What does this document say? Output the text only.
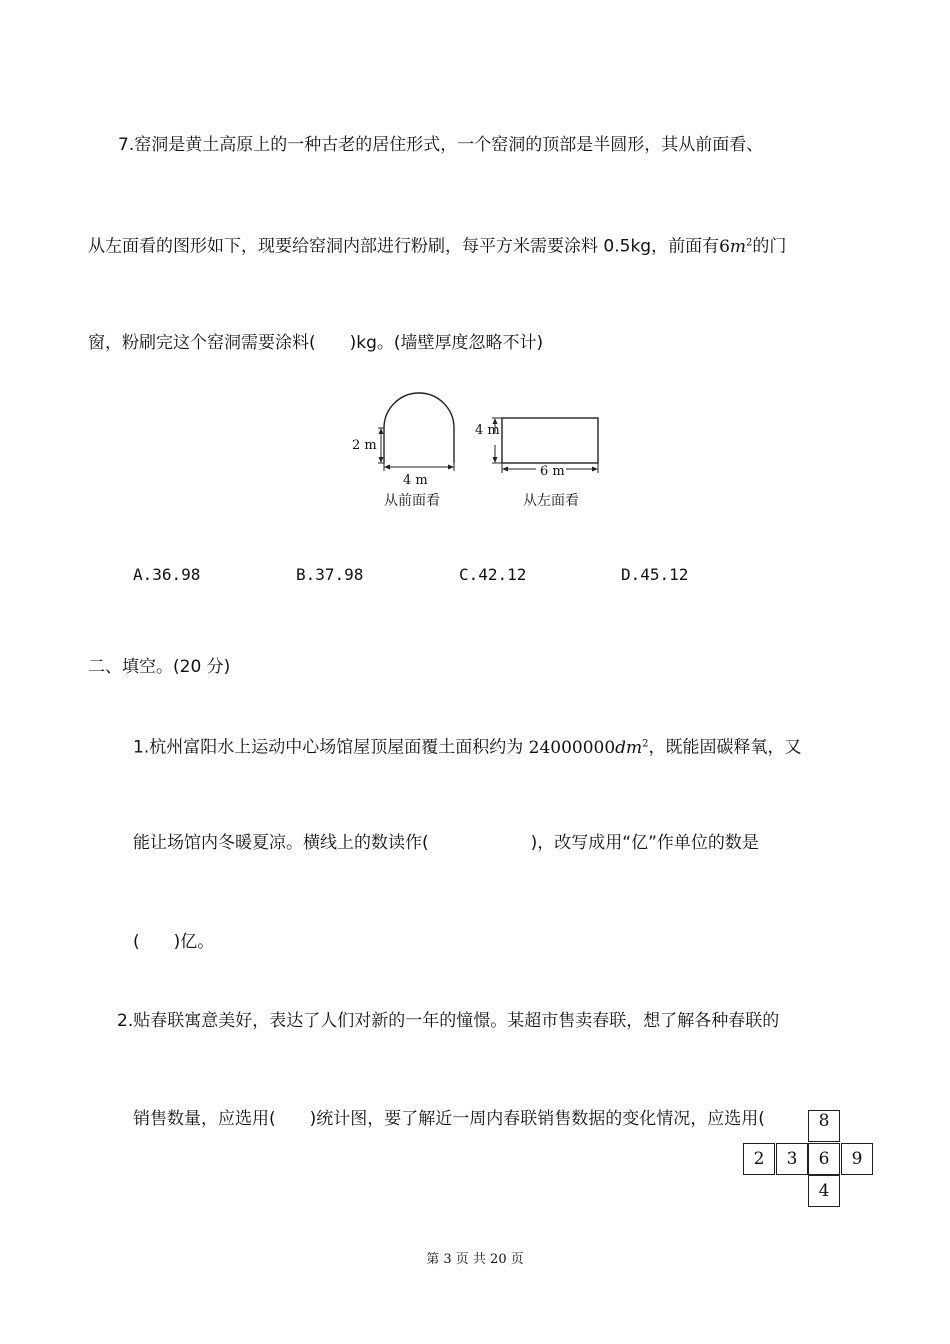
7.窑洞是黄土高原上的一种古老的居住形式，一个窑洞的顶部是半圆形，其从前面看、
从左面看的图形如下，现要给窑洞内部进行粉刷，每平方米需要涂料 0.5kg，前面有$6m^2$的门
窗，粉刷完这个窑洞需要涂料(　　)kg。(墙壁厚度忽略不计)
2 m
4 m
从前面看
4 m
6 m
从左面看
A.36.98	B.37.98	C.42.12	D.45.12
二、填空。(20 分)
1.杭州富阳水上运动中心场馆屋顶屋面覆土面积约为 $24000000dm^2$，既能固碳释氧，又
能让场馆内冬暖夏凉。横线上的数读作(　　　　　　)，改写成用“亿”作单位的数是
(　　)亿。
2.贴春联寓意美好，表达了人们对新的一年的憧憬。某超市售卖春联，想了解各种春联的
销售数量，应选用(　　)统计图，要了解近一周内春联销售数据的变化情况，应选用(	8
2	3	6	9
4
第 3 页 共 20 页
